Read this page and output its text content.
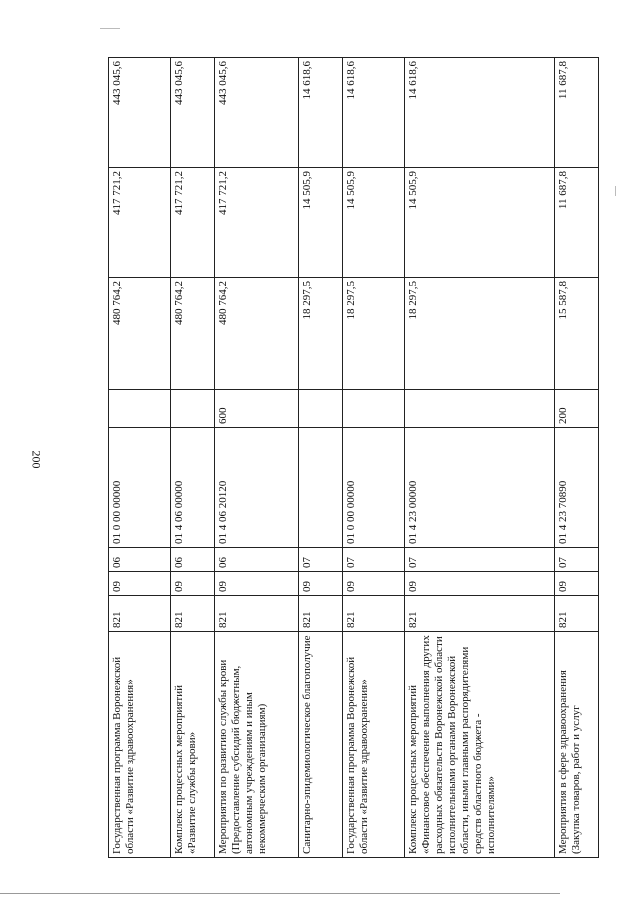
200
Государственная программа Воронежской области «Развитие здравоохранения»	821	09	06	01 0 00 00000		480 764,2	417 721,2	443 045,6
Комплекс процессных мероприятий «Развитие службы крови»	821	09	06	01 4 06 00000		480 764,2	417 721,2	443 045,6
Мероприятия по развитию службы крови (Предоставление субсидий бюджетным, автономным учреждениям и иным некоммерческим организациям)	821	09	06	01 4 06 20120	600	480 764,2	417 721,2	443 045,6
Санитарно-эпидемиологическое благополучие	821	09	07			18 297,5	14 505,9	14 618,6
Государственная программа Воронежской области «Развитие здравоохранения»	821	09	07	01 0 00 00000		18 297,5	14 505,9	14 618,6
Комплекс процессных мероприятий «Финансовое обеспечение выполнения других расходных обязательств Воронежской области исполнительными органами Воронежской области, иными главными распорядителями средств областного бюджета - исполнителями»	821	09	07	01 4 23 00000		18 297,5	14 505,9	14 618,6
Мероприятия в сфере здравоохранения (Закупка товаров, работ и услуг	821	09	07	01 4 23 70890	200	15 587,8	11 687,8	11 687,8
